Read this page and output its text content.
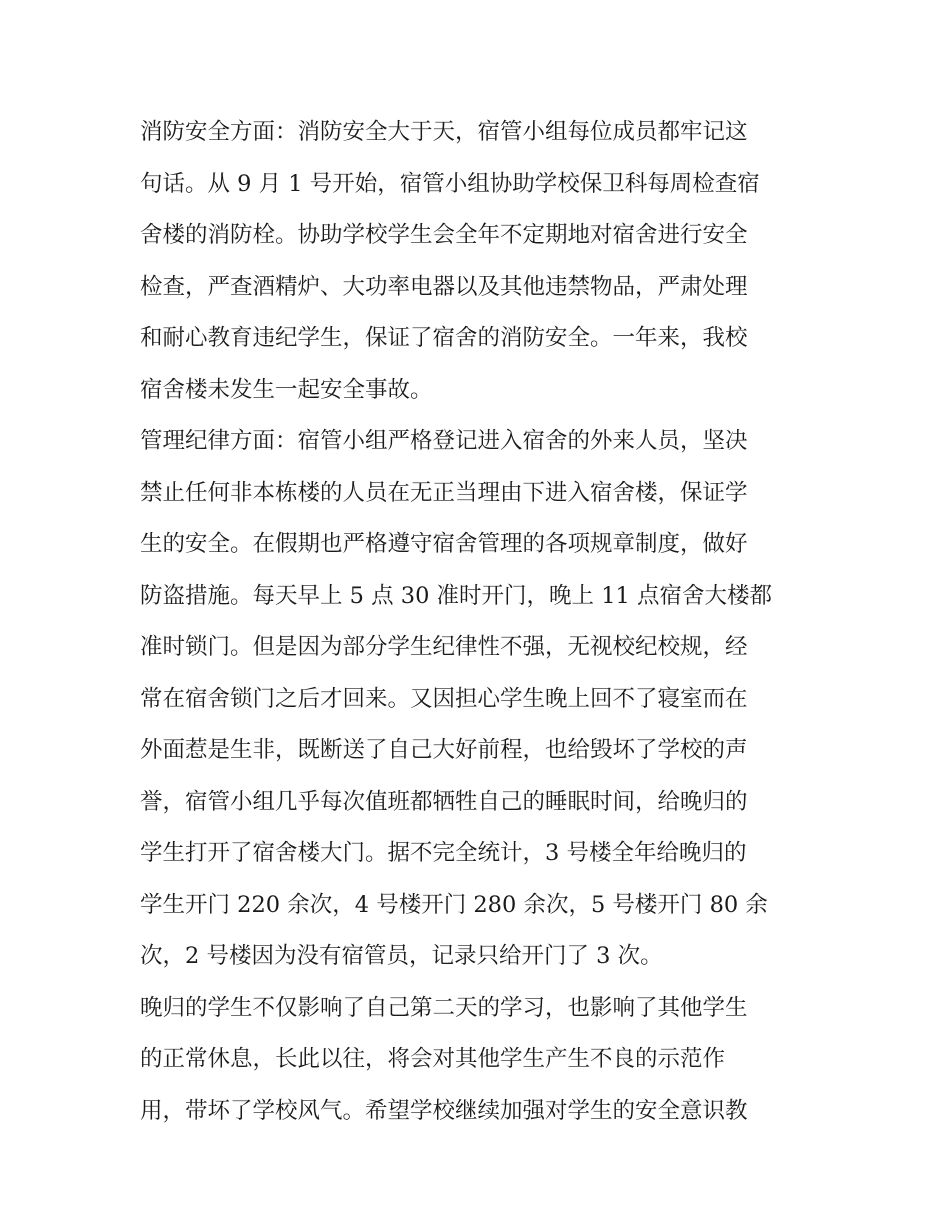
消防安全方面：消防安全大于天，宿管小组每位成员都牢记这
句话。从 9 月 1 号开始，宿管小组协助学校保卫科每周检查宿
舍楼的消防栓。协助学校学生会全年不定期地对宿舍进行安全
检查，严查酒精炉、大功率电器以及其他违禁物品，严肃处理
和耐心教育违纪学生，保证了宿舍的消防安全。一年来，我校
宿舍楼未发生一起安全事故。

管理纪律方面：宿管小组严格登记进入宿舍的外来人员，坚决
禁止任何非本栋楼的人员在无正当理由下进入宿舍楼，保证学
生的安全。在假期也严格遵守宿舍管理的各项规章制度，做好
防盗措施。每天早上 5 点 30 准时开门，晚上 11 点宿舍大楼都
准时锁门。但是因为部分学生纪律性不强，无视校纪校规，经
常在宿舍锁门之后才回来。又因担心学生晚上回不了寝室而在
外面惹是生非，既断送了自己大好前程，也给毁坏了学校的声
誉，宿管小组几乎每次值班都牺牲自己的睡眠时间，给晚归的
学生打开了宿舍楼大门。据不完全统计，3 号楼全年给晚归的
学生开门 220 余次，4 号楼开门 280 余次，5 号楼开门 80 余
次，2 号楼因为没有宿管员，记录只给开门了 3 次。

晚归的学生不仅影响了自己第二天的学习，也影响了其他学生
的正常休息，长此以往，将会对其他学生产生不良的示范作
用，带坏了学校风气。希望学校继续加强对学生的安全意识教
